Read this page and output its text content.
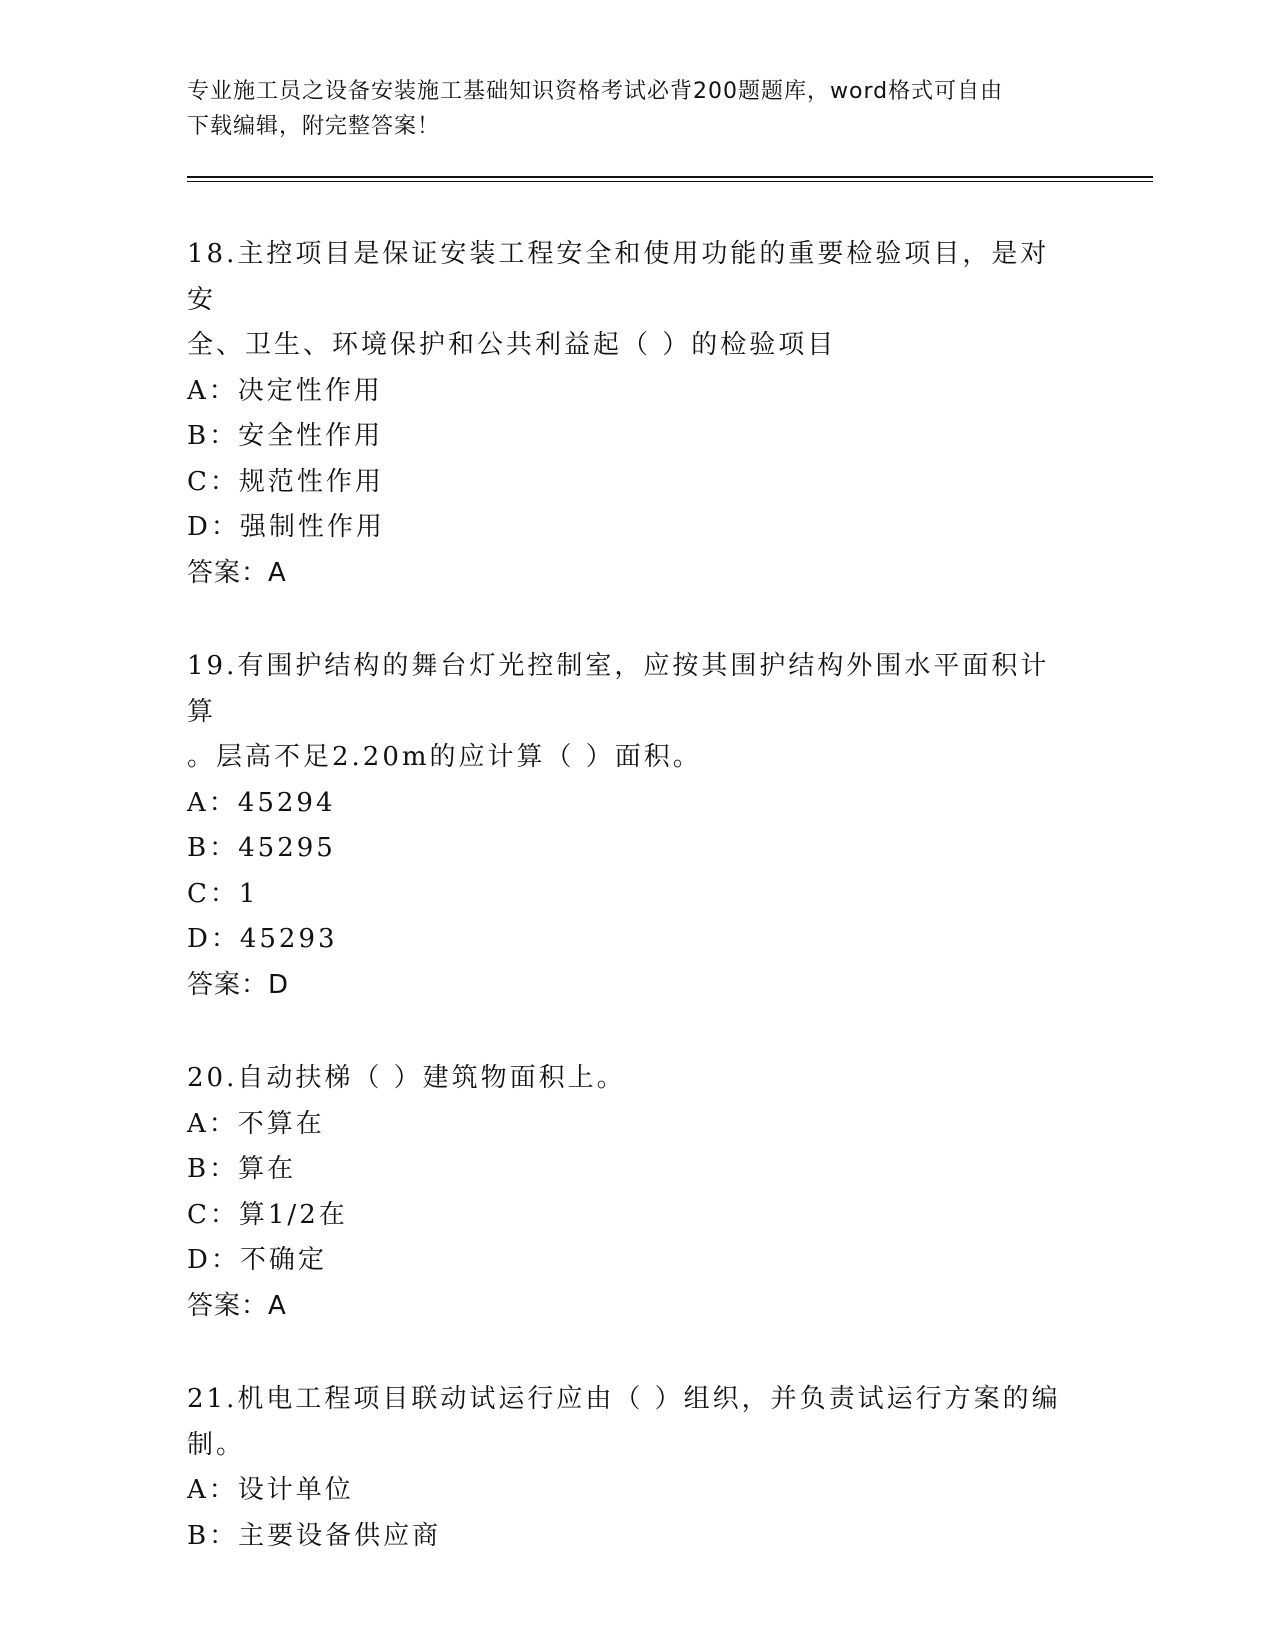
专业施工员之设备安装施工基础知识资格考试必背200题题库，word格式可自由
下载编辑，附完整答案！
18.主控项目是保证安装工程安全和使用功能的重要检验项目，是对安
全、卫生、环境保护和公共利益起（ ）的检验项目
A：决定性作用
B：安全性作用
C：规范性作用
D：强制性作用
答案：A
19.有围护结构的舞台灯光控制室，应按其围护结构外围水平面积计算
。层高不足2.20m的应计算（ ）面积。
A：45294
B：45295
C：1
D：45293
答案：D
20.自动扶梯（ ）建筑物面积上。
A：不算在
B：算在
C：算1/2在
D：不确定
答案：A
21.机电工程项目联动试运行应由（ ）组织，并负责试运行方案的编
制。
A：设计单位
B：主要设备供应商
